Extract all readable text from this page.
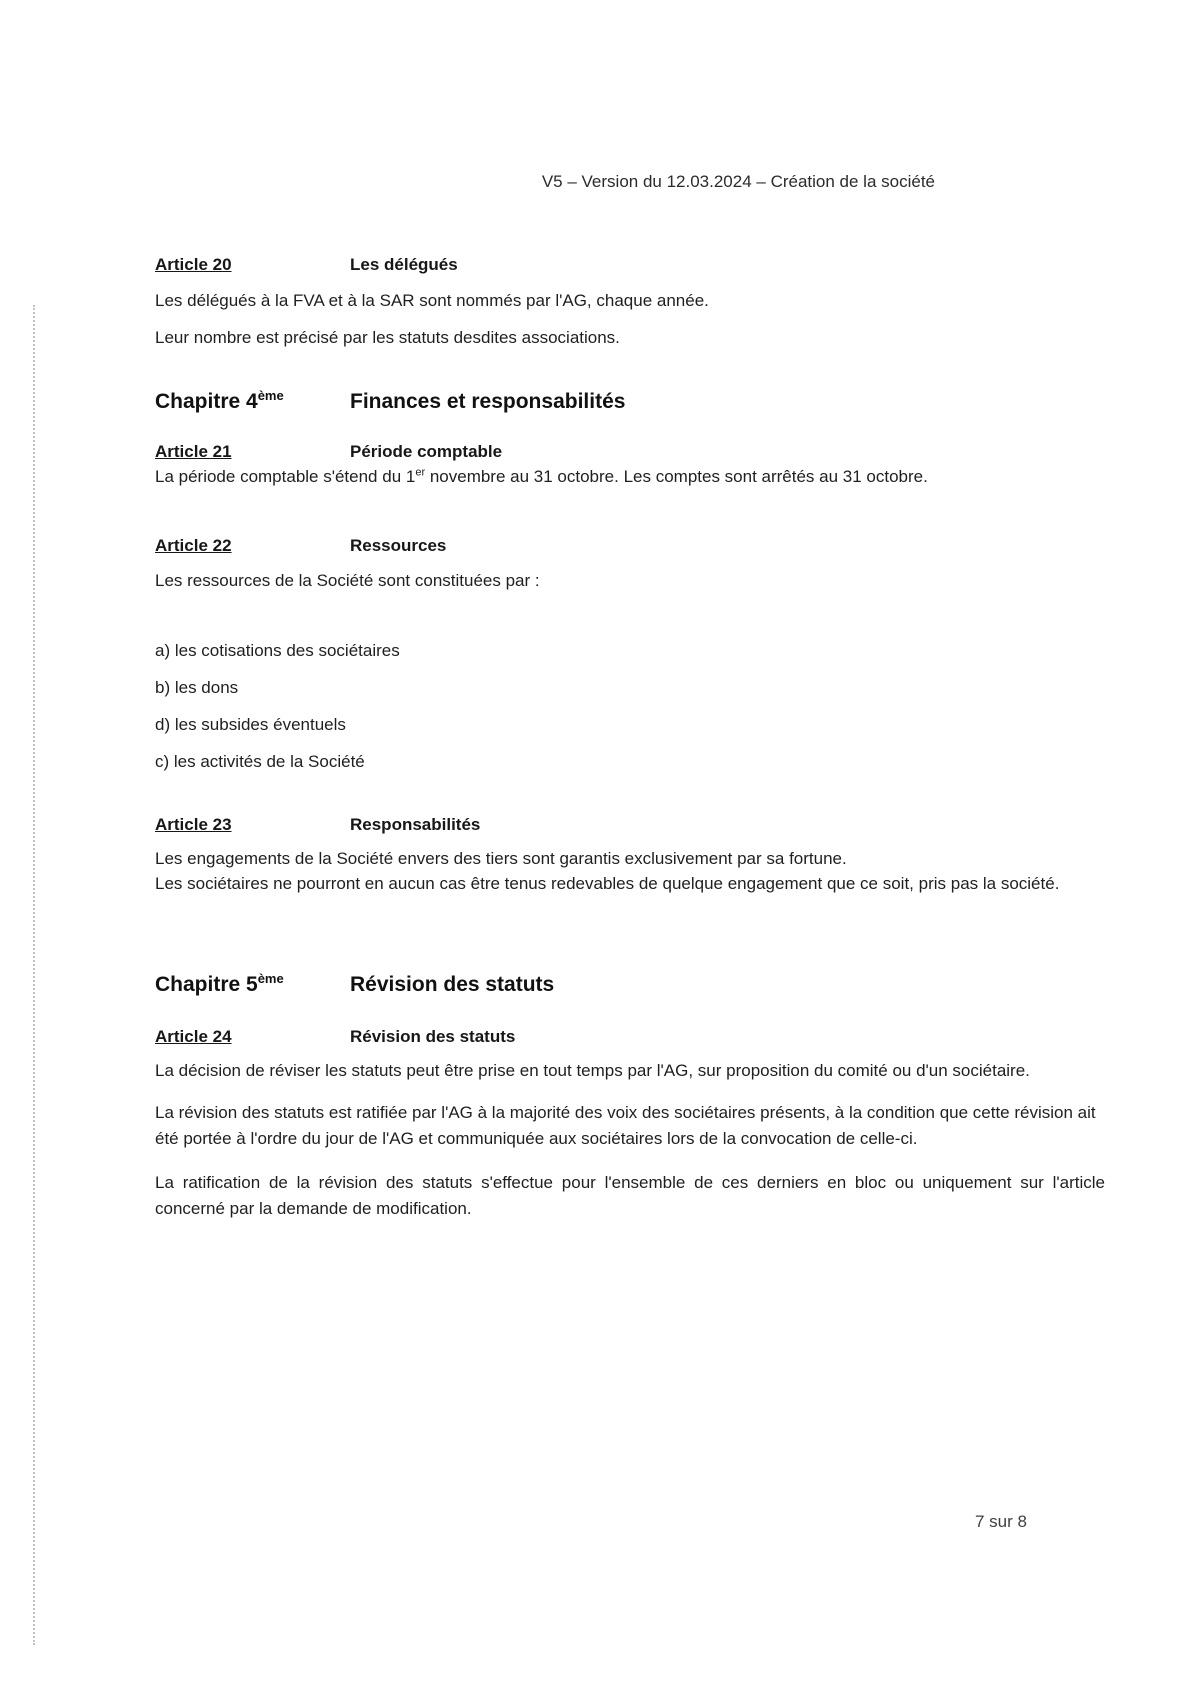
V5 – Version du 12.03.2024 – Création de la société
Article 20	Les délégués
Les délégués à la FVA et à la SAR sont nommés par l'AG, chaque année.
Leur nombre est précisé par les statuts desdites associations.
Chapitre 4ème	Finances et responsabilités
Article 21	Période comptable
La période comptable s'étend du 1er novembre au 31 octobre. Les comptes sont arrêtés au 31 octobre.
Article 22	Ressources
Les ressources de la Société sont constituées par :
a) les cotisations des sociétaires
b) les dons
d) les subsides éventuels
c) les activités de la Société
Article 23	Responsabilités
Les engagements de la Société envers des tiers sont garantis exclusivement par sa fortune.
Les sociétaires ne pourront en aucun cas être tenus redevables de quelque engagement que ce soit, pris pas la société.
Chapitre 5ème	Révision des statuts
Article 24	Révision des statuts
La décision de réviser les statuts peut être prise en tout temps par l'AG, sur proposition du comité ou d'un sociétaire.
La révision des statuts est ratifiée par l'AG à la majorité des voix des sociétaires présents, à la condition que cette révision ait été portée à l'ordre du jour de l'AG et communiquée aux sociétaires lors de la convocation de celle-ci.
La ratification de la révision des statuts s'effectue pour l'ensemble de ces derniers en bloc ou uniquement sur l'article concerné par la demande de modification.
7 sur 8
